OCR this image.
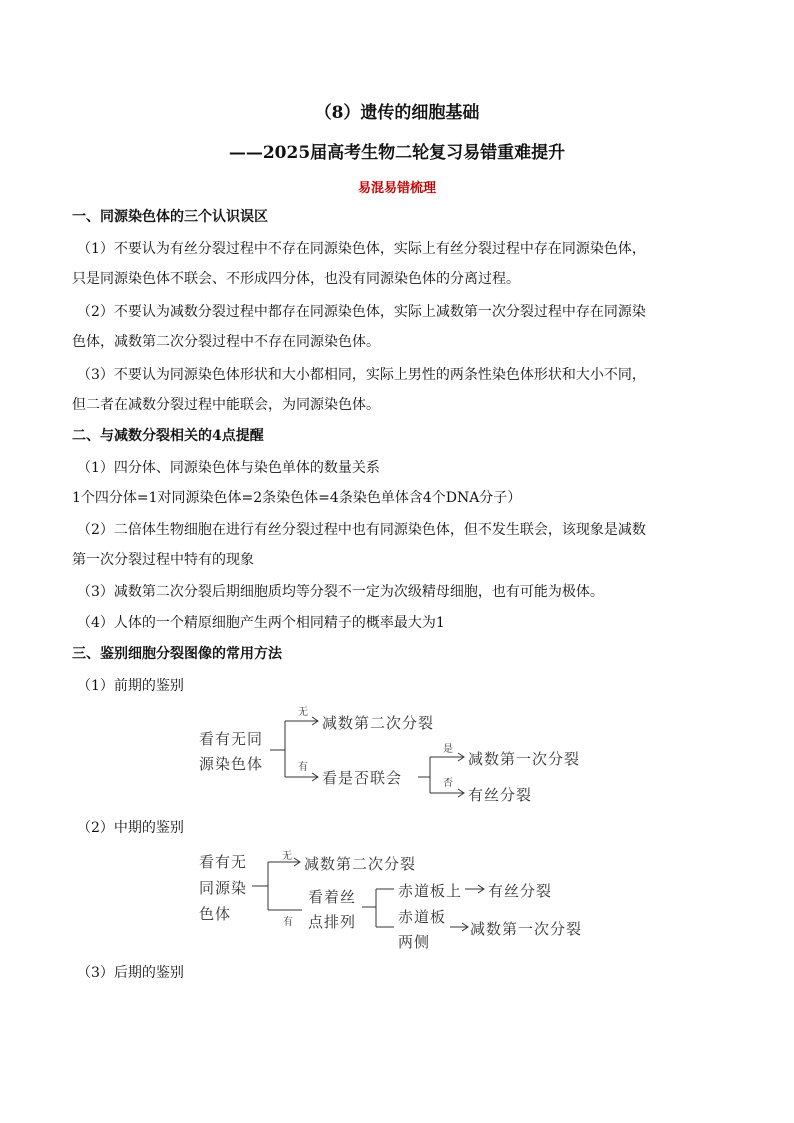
（8）遗传的细胞基础
——2025届高考生物二轮复习易错重难提升
易混易错梳理
一、同源染色体的三个认识误区
（1）不要认为有丝分裂过程中不存在同源染色体，实际上有丝分裂过程中存在同源染色体，
只是同源染色体不联会、不形成四分体，也没有同源染色体的分离过程。
（2）不要认为减数分裂过程中都存在同源染色体，实际上减数第一次分裂过程中存在同源染
色体，减数第二次分裂过程中不存在同源染色体。
（3）不要认为同源染色体形状和大小都相同，实际上男性的两条性染色体形状和大小不同，
但二者在减数分裂过程中能联会，为同源染色体。
二、与减数分裂相关的4点提醒
（1）四分体、同源染色体与染色单体的数量关系
1个四分体=1对同源染色体=2条染色体=4条染色单体含4个DNA分子）
（2）二倍体生物细胞在进行有丝分裂过程中也有同源染色体，但不发生联会，该现象是减数
第一次分裂过程中特有的现象
（3）减数第二次分裂后期细胞质均等分裂不一定为次级精母细胞，也有可能为极体。
（4）人体的一个精原细胞产生两个相同精子的概率最大为1
三、鉴别细胞分裂图像的常用方法
（1）前期的鉴别
看有无同
源染色体
无
有
减数第二次分裂
看是否联会
是
否
减数第一次分裂
有丝分裂
（2）中期的鉴别
看有无
同源染
色体
无
有
减数第二次分裂
看着丝
点排列
赤道板上 有丝分裂
赤道板
两侧
减数第一次分裂
（3）后期的鉴别
